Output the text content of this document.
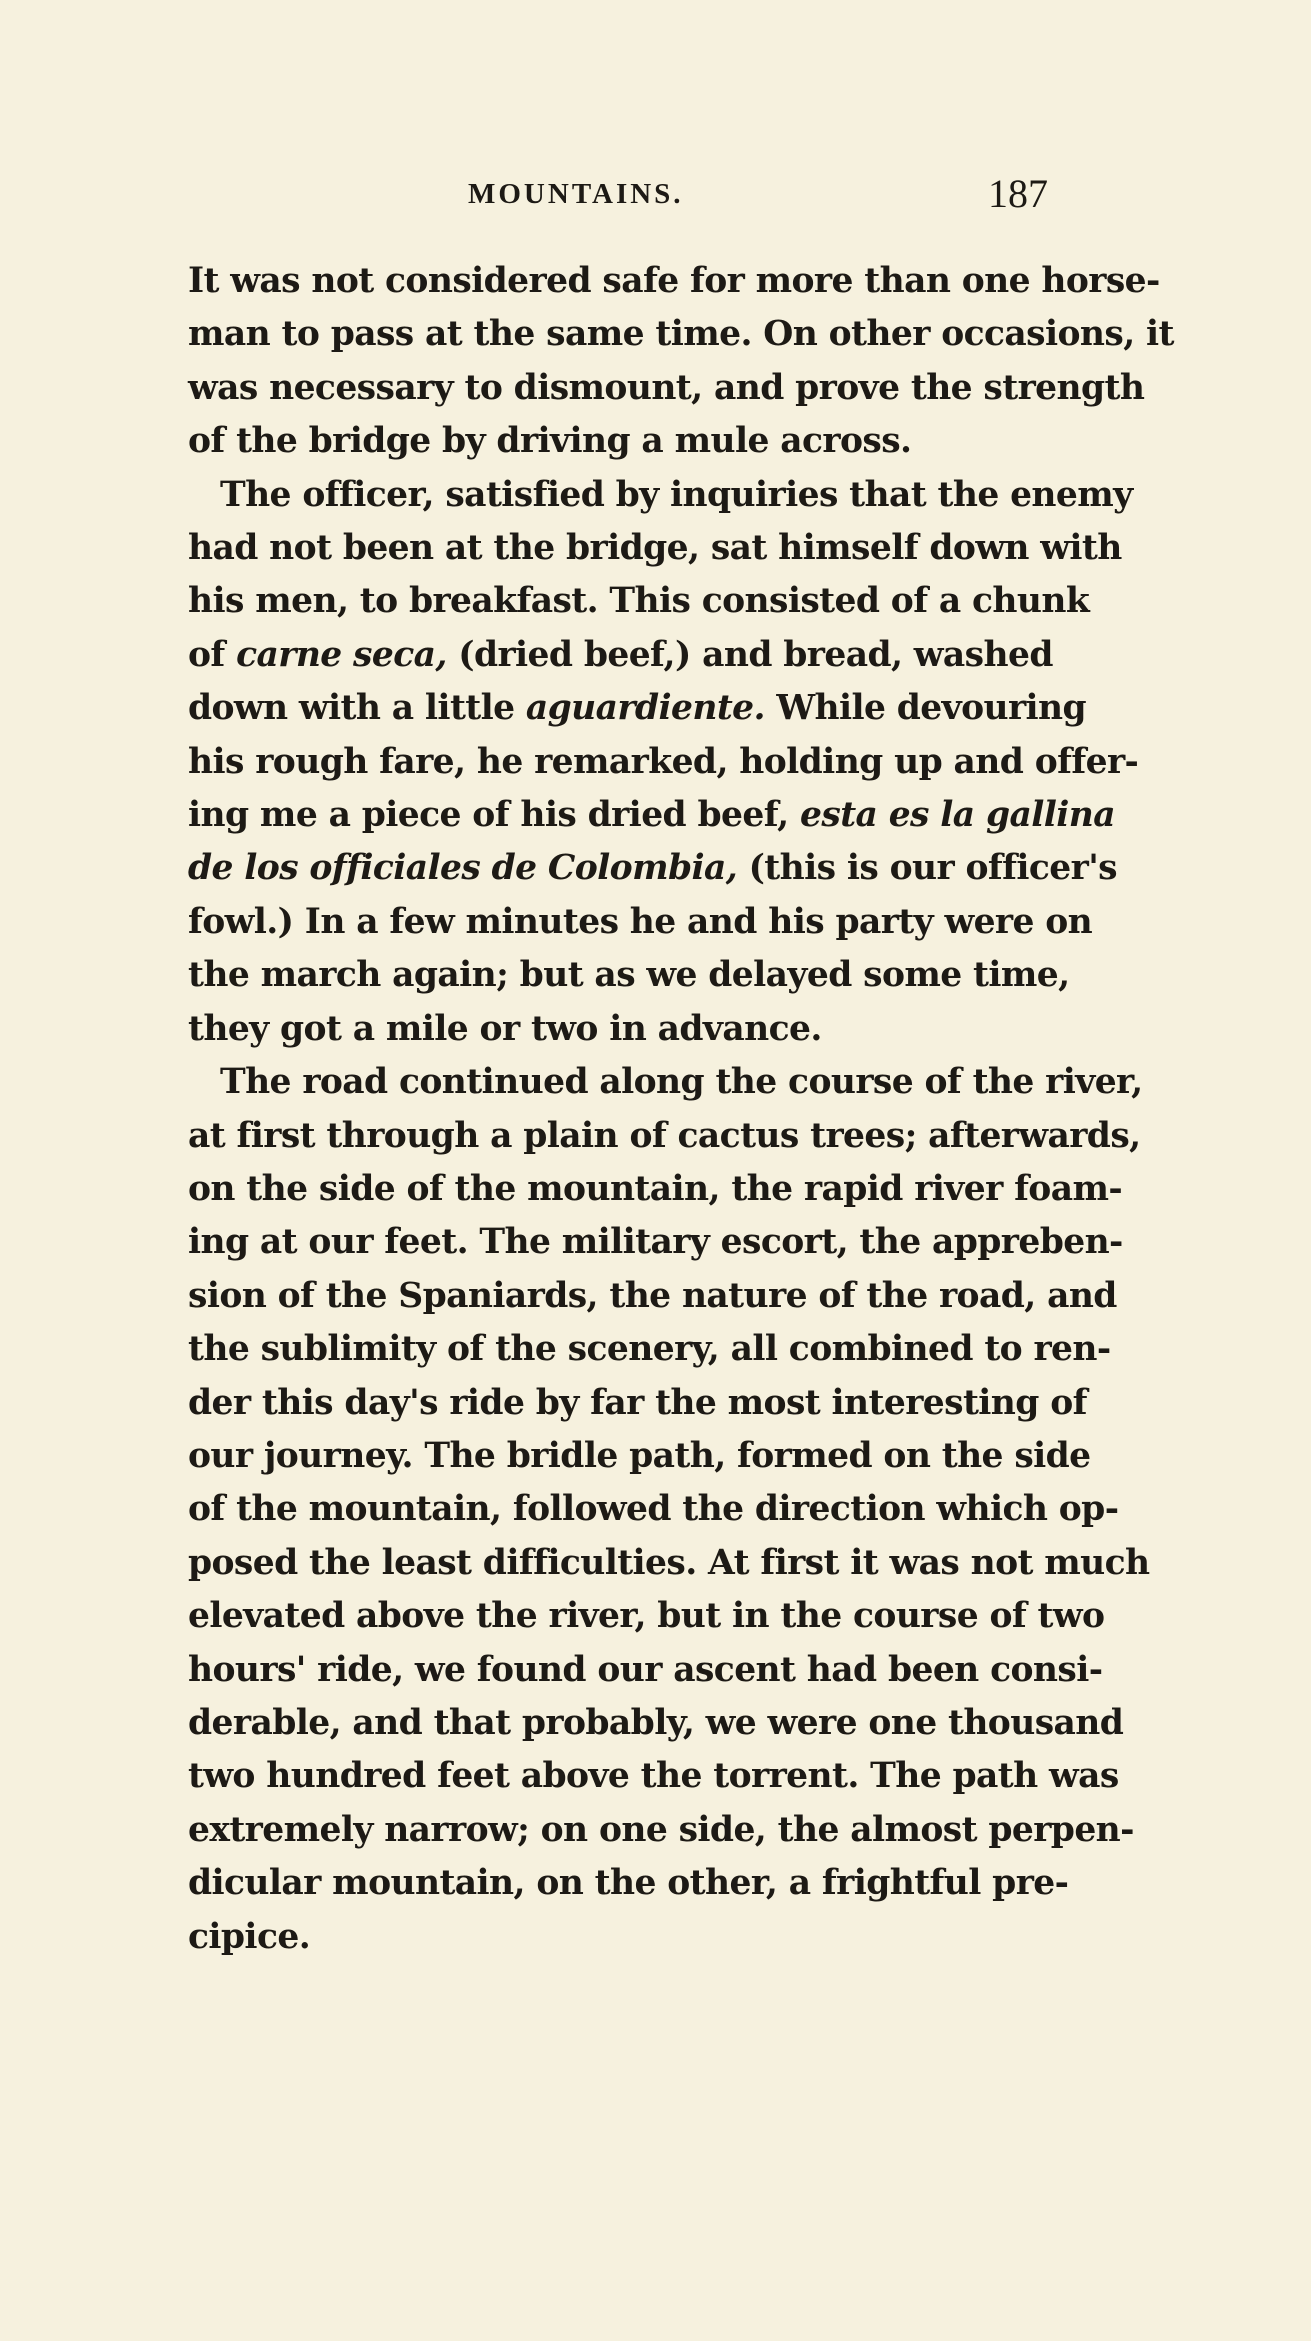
MOUNTAINS.	187
It was not considered safe for more than one horse-
man to pass at the same time. On other occasions, it
was necessary to dismount, and prove the strength
of the bridge by driving a mule across.
The officer, satisfied by inquiries that the enemy
had not been at the bridge, sat himself down with
his men, to breakfast. This consisted of a chunk
of carne seca, (dried beef,) and bread, washed
down with a little aguardiente. While devouring
his rough fare, he remarked, holding up and offer-
ing me a piece of his dried beef, esta es la gallina
de los officiales de Colombia, (this is our officer's
fowl.) In a few minutes he and his party were on
the march again; but as we delayed some time,
they got a mile or two in advance.
The road continued along the course of the river,
at first through a plain of cactus trees; afterwards,
on the side of the mountain, the rapid river foam-
ing at our feet. The military escort, the appreben-
sion of the Spaniards, the nature of the road, and
the sublimity of the scenery, all combined to ren-
der this day's ride by far the most interesting of
our journey. The bridle path, formed on the side
of the mountain, followed the direction which op-
posed the least difficulties. At first it was not much
elevated above the river, but in the course of two
hours' ride, we found our ascent had been consi-
derable, and that probably, we were one thousand
two hundred feet above the torrent. The path was
extremely narrow; on one side, the almost perpen-
dicular mountain, on the other, a frightful pre-
cipice.
